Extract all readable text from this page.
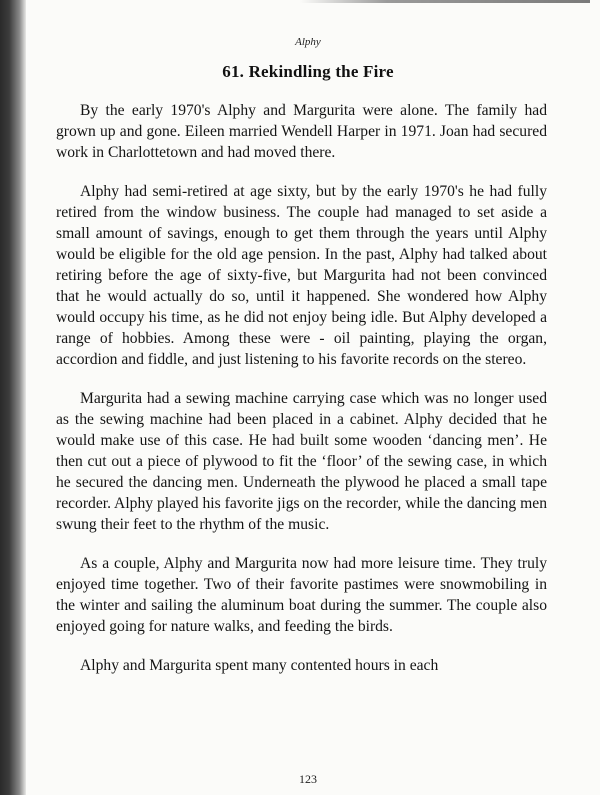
Alphy
61. Rekindling the Fire

By the early 1970's Alphy and Margurita were alone. The family had grown up and gone. Eileen married Wendell Harper in 1971. Joan had secured work in Charlottetown and had moved there.

Alphy had semi-retired at age sixty, but by the early 1970's he had fully retired from the window business. The couple had managed to set aside a small amount of savings, enough to get them through the years until Alphy would be eligible for the old age pension. In the past, Alphy had talked about retiring before the age of sixty-five, but Margurita had not been convinced that he would actually do so, until it happened. She wondered how Alphy would occupy his time, as he did not enjoy being idle. But Alphy developed a range of hobbies. Among these were - oil painting, playing the organ, accordion and fiddle, and just listening to his favorite records on the stereo.

Margurita had a sewing machine carrying case which was no longer used as the sewing machine had been placed in a cabinet. Alphy decided that he would make use of this case. He had built some wooden ‘dancing men’. He then cut out a piece of plywood to fit the ‘floor’ of the sewing case, in which he secured the dancing men. Underneath the plywood he placed a small tape recorder. Alphy played his favorite jigs on the recorder, while the dancing men swung their feet to the rhythm of the music.

As a couple, Alphy and Margurita now had more leisure time. They truly enjoyed time together. Two of their favorite pastimes were snowmobiling in the winter and sailing the aluminum boat during the summer. The couple also enjoyed going for nature walks, and feeding the birds.

Alphy and Margurita spent many contented hours in each

123
